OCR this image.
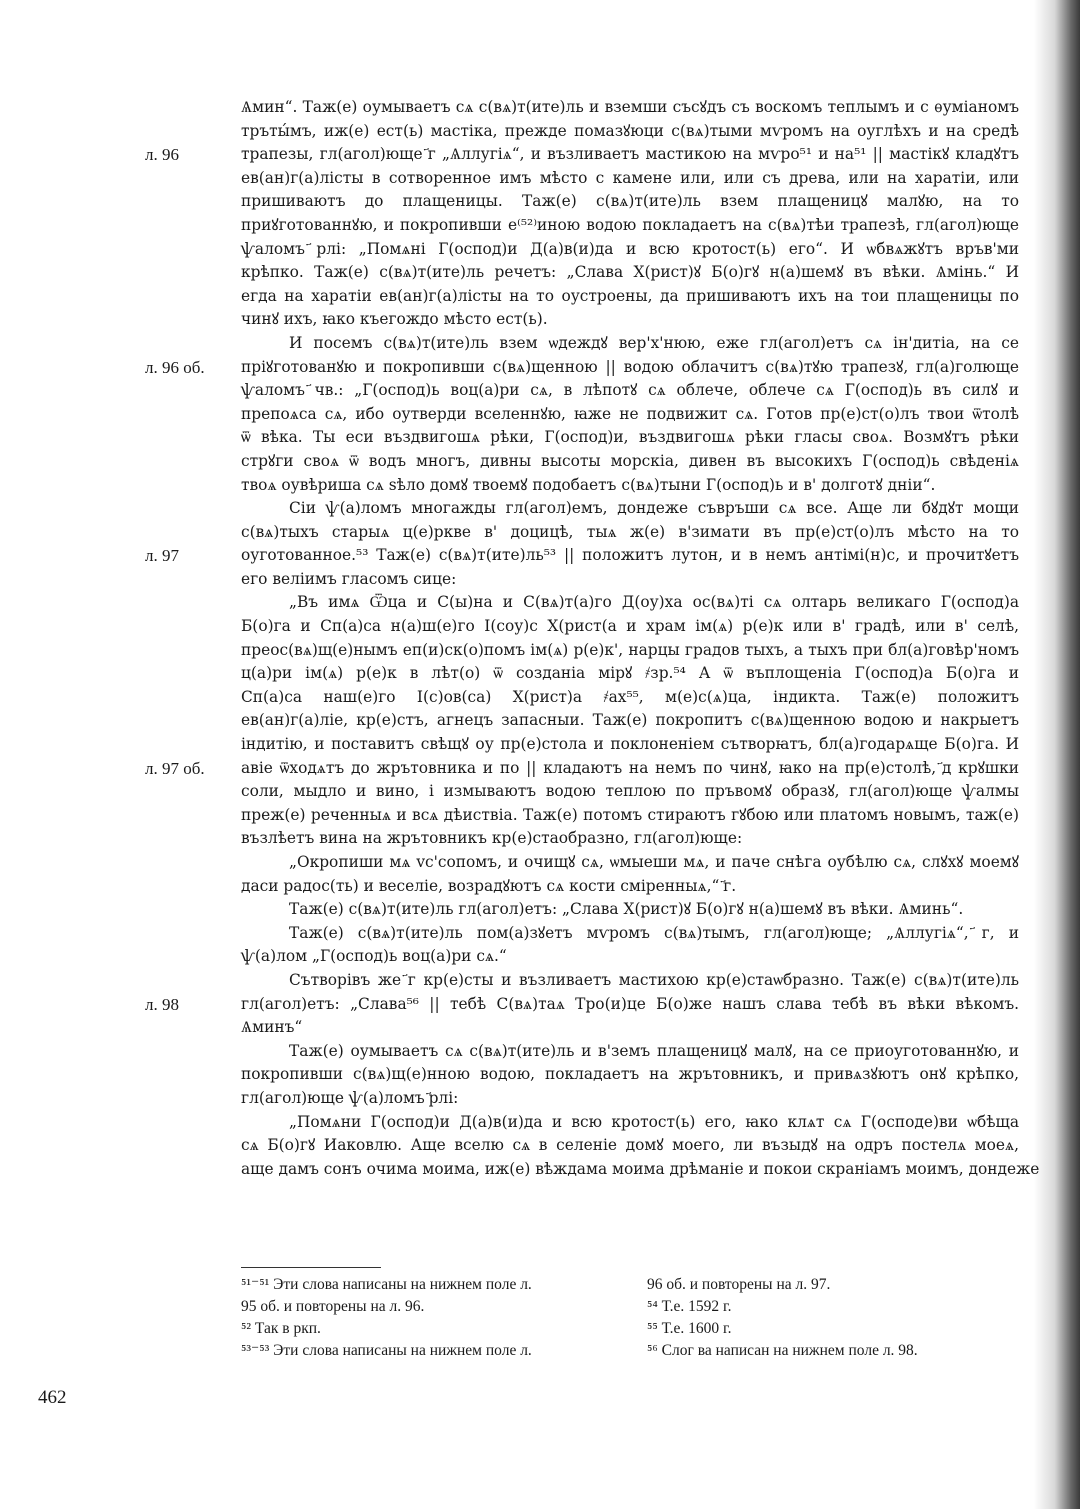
Ѧмин“. Таж(е) оумываетъ сѧ с(вѧ)т(ите)ль и вземши съсꙋдъ съ воскомъ теплымъ и с ѳуміаномъ
тръты́мъ, иж(е) ест(ь) мастіка, прежде помазꙋюци с(вѧ)тыми мѵромъ на оуглѣхъ и на средѣ
трапезы, гл(агол)юще ҃г „Ѧллугіѧ“, и възливаетъ мастикою на мѵро⁵¹ и на⁵¹ || мастікꙋ кладꙋтъ
л. 96
ев(ан)г(а)лісты в сотворенное имъ мѣсто с камене или, или съ древа, или на харатіи, или
пришиваютъ до плащеницы. Таж(е) с(вѧ)т(ите)ль взем плащеницꙋ малꙋю, на то
приꙋготованнꙋю, и покропивши е⁽⁵²⁾иною водою покладаетъ на с(вѧ)тѣи трапезѣ, гл(агол)юще
ѱаломъ ҃рлі: „Помѧні Г(оспод)и Д(а)в(и)да и всю кротост(ь) его“. И ѡбвѧжꙋтъ връв'ми
крѣпко. Таж(е) с(вѧ)т(ите)ль речетъ: „Слава Х(рист)ꙋ Б(о)гꙋ н(а)шемꙋ въ вѣки. Ѧмінь.“ И
егда на харатіи ев(ан)г(а)лісты на то оустроены, да пришиваютъ ихъ на тои плащеницы по
чинꙋ ихъ, ꙗко къегождо мѣсто ест(ь).
И посемъ с(вѧ)т(ите)ль взем ѡдеждꙋ вер'х'нюю, еже гл(агол)етъ сѧ ін'дитіа, на се
пріꙋготованꙋю и покропивши с(вѧ)щенною || водою облачитъ с(вѧ)тꙋю трапезꙋ, гл(а)голюще
л. 96 об.
ѱаломъ ҃чв.: „Г(оспод)ь воц(а)ри сѧ, в лѣпотꙋ сѧ облече, облече сѧ Г(оспод)ь въ силꙋ и
препоѧса сѧ, ибо оутверди вселеннꙋю, ꙗже не подвижит сѧ. Готов пр(е)ст(о)лъ твои ѿтолѣ
ѿ вѣка. Ты еси въздвигошѧ рѣки, Г(оспод)и, въздвигошѧ рѣки гласы своѧ. Возмꙋтъ рѣки
стрꙋги своѧ ѿ водъ многъ, дивны высоты морскіа, дивен въ высокихъ Г(оспод)ь свѣденіѧ
твоѧ оувѣриша сѧ ѕѣло домꙋ твоемꙋ подобаетъ с(вѧ)тыни Г(оспод)ь и в' долготꙋ дніи“.
Сіи ѱ(а)ломъ многажды гл(агол)емъ, дондеже съвръши сѧ все. Аще ли бꙋдꙋт мощи
с(вѧ)тыхъ старыѧ ц(е)ркве в' доцицѣ, тыѧ ж(е) в'зимати въ пр(е)ст(о)лъ мѣсто на то
оуготованное.⁵³ Таж(е) с(вѧ)т(ите)ль⁵³ || положитъ лутон, и в немъ антімі(н)с, и прочитꙋетъ
л. 97
его веліимъ гласомъ сице:
„Въ имѧ Ѿца и С(ы)на и С(вѧ)т(а)го Д(оу)ха ос(вѧ)ті сѧ олтарь великаго Г(оспод)а
Б(о)га и Сп(а)са н(а)ш(е)го І(соу)с Х(рист(а и храм ім(ѧ) р(е)к или в' градѣ, или в' селѣ,
преос(вѧ)щ(е)нымъ еп(и)ск(о)помъ ім(ѧ) р(е)к', нарцы градов тыхъ, а тыхъ при бл(а)говѣр'номъ
ц(а)ри ім(ѧ) р(е)к в лѣт(о) ѿ созданіа мірꙋ ҂зр.⁵⁴ А ѿ въплощеніа Г(оспод)а Б(о)га и
Сп(а)са наш(е)го І(с)ов(са) Х(рист)а ҂ах⁵⁵, м(е)с(ѧ)ца, індикта. Таж(е) положитъ
ев(ан)г(а)ліе, кр(е)стъ, агнецъ запасныи. Таж(е) покропитъ с(вѧ)щенною водою и накрыетъ
індитію, и поставитъ свѣщꙋ оу пр(е)стола и поклоненіем сътворꙗтъ, бл(а)годарѧще Б(о)га. И
авіе ѿходѧтъ до жрътовника и по || кладаютъ на немъ по чинꙋ, ꙗко на пр(е)столѣ, ҃д крꙋшки
л. 97 об.
соли, мыдло и вино, і измываютъ водою теплою по пръвомꙋ образꙋ, гл(агол)юще ѱалмы
преж(е) реченныѧ и всѧ дѣиствіа. Таж(е) потомъ стираютъ гꙋбою или платомъ новымъ, таж(е)
възлѣетъ вина на жрътовникъ кр(е)стаобразно, гл(агол)юще:
„Окропиши мѧ vс'сопомъ, и очищꙋ сѧ, ѡмыеши мѧ, и паче снѣга оубѣлю сѧ, слꙋхꙋ моемꙋ
даси радос(ть) и веселіе, возрадꙋютъ сѧ кости сміренныѧ,“ ҃г.
Таж(е) с(вѧ)т(ите)ль гл(агол)етъ: „Слава Х(рист)ꙋ Б(о)гꙋ н(а)шемꙋ въ вѣки. Ѧминь“.
Таж(е) с(вѧ)т(ите)ль пом(а)зꙋетъ мѵромъ с(вѧ)тымъ, гл(агол)юще; „Ѧллугіѧ“, ҃г, и
ѱ(а)лом „Г(оспод)ь воц(а)ри сѧ.“
Сътворівъ же ҃г кр(е)сты и възливаетъ мастихою кр(е)стаѡбразно. Таж(е) с(вѧ)т(ите)ль
гл(агол)етъ: „Слава⁵⁶ || тебѣ С(вѧ)таѧ Тро(и)це Б(о)же нашъ слава тебѣ въ вѣки вѣкомъ.
л. 98
Ѧминъ“
Таж(е) оумываетъ сѧ с(вѧ)т(ите)ль и в'земъ плащеницꙋ малꙋ, на се приоуготованнꙋю, и
покропивши с(вѧ)щ(е)нною водою, покладаетъ на жрътовникъ, и привѧзꙋютъ онꙋ крѣпко,
гл(агол)юще ѱ(а)ломъ ҃рлі:
„Помѧни Г(оспод)и Д(а)в(и)да и всю кротост(ь) его, ꙗко клѧт сѧ Г(осподе)ви ѡбѣща
сѧ Б(о)гꙋ Иаковлю. Аще вселю сѧ в селеніе домꙋ моего, ли възыдꙋ на одръ постелѧ моеѧ,
аще дамъ сонъ очима моима, иж(е) вѣждама моима дрѣманіе и покои скраніамъ моимъ, дондеже
⁵¹⁻⁵¹ Эти слова написаны на нижнем поле л.
95 об. и повторены на л. 96.
⁵² Так в ркп.
⁵³⁻⁵³ Эти слова написаны на нижнем поле л.
96 об. и повторены на л. 97.
⁵⁴ Т.е. 1592 г.
⁵⁵ Т.е. 1600 г.
⁵⁶ Слог ва написан на нижнем поле л. 98.
462
